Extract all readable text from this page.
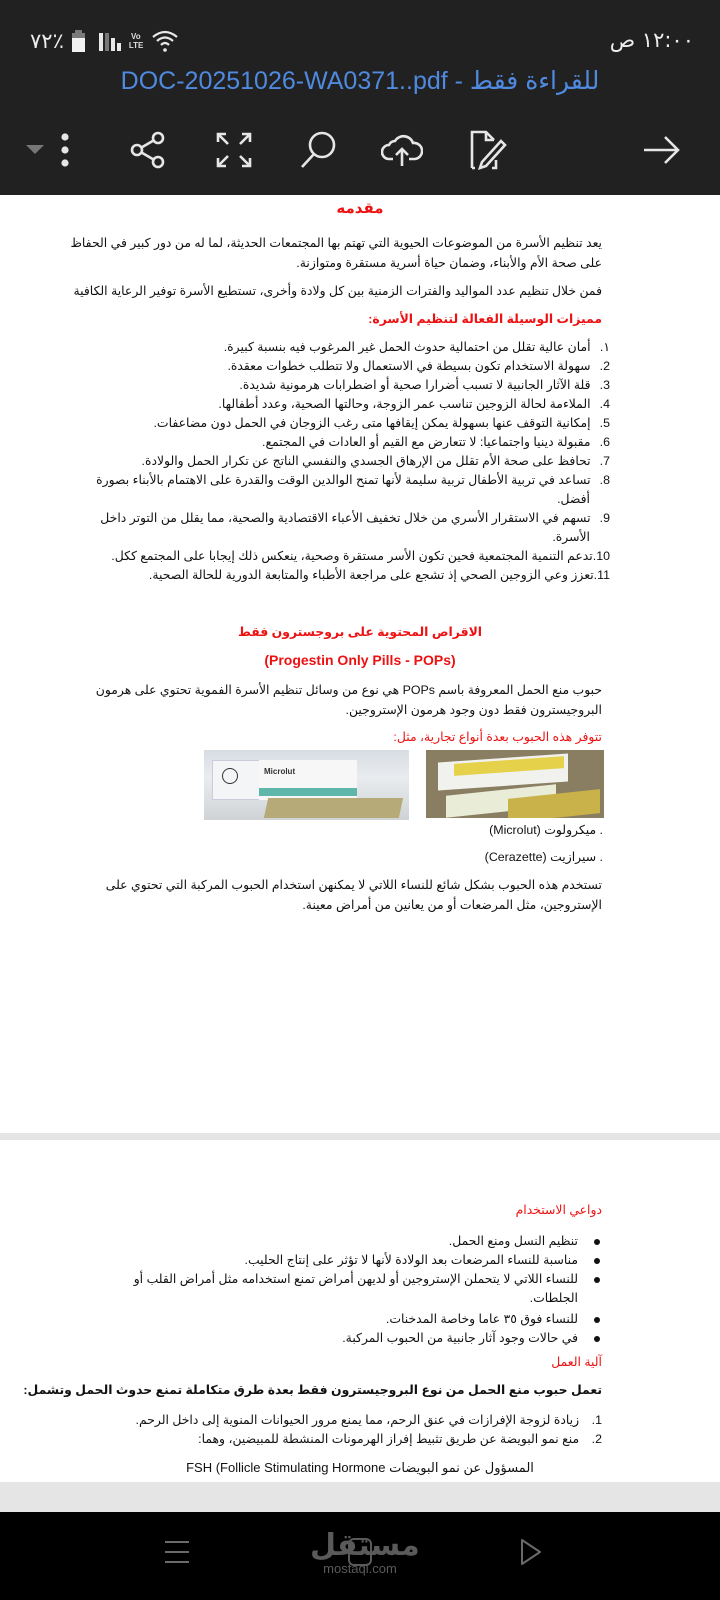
٧٢٪	Vo
LTE	١٢:٠٠ ص
DOC-20251026-WA0371..pdf - للقراءة فقط
مقدمه
يعد تنظيم الأسرة من الموضوعات الحيوية التي تهتم بها المجتمعات الحديثة، لما له من دور كبير في الحفاظ
على صحة الأم والأبناء، وضمان حياة أسرية مستقرة ومتوازنة.
فمن خلال تنظيم عدد المواليد والفترات الزمنية بين كل ولادة وأخرى، تستطيع الأسرة توفير الرعاية الكافية
مميزات الوسيلة الفعالة لتنظيم الأسرة:
١. أمان عالية تقلل من احتمالية حدوث الحمل غير المرغوب فيه بنسبة كبيرة.
2. سهولة الاستخدام تكون بسيطة في الاستعمال ولا تتطلب خطوات معقدة.
3. قلة الآثار الجانبية لا تسبب أضرارا صحية أو اضطرابات هرمونية شديدة.
4. الملاءمة لحالة الزوجين تناسب عمر الزوجة، وحالتها الصحية، وعدد أطفالها.
5. إمكانية التوقف عنها بسهولة يمكن إيقافها متى رغب الزوجان في الحمل دون مضاعفات.
6. مقبولة دينيا واجتماعيا: لا تتعارض مع القيم أو العادات في المجتمع.
7. تحافظ على صحة الأم تقلل من الإرهاق الجسدي والنفسي الناتج عن تكرار الحمل والولادة.
8. تساعد في تربية الأطفال تربية سليمة لأنها تمنح الوالدين الوقت والقدرة على الاهتمام بالأبناء بصورة
أفضل.
9. تسهم في الاستقرار الأسري من خلال تخفيف الأعباء الاقتصادية والصحية، مما يقلل من التوتر داخل
الأسرة.
10.تدعم التنمية المجتمعية فحين تكون الأسر مستقرة وصحية، ينعكس ذلك إيجابا على المجتمع ككل.
11.تعزز وعي الزوجين الصحي إذ تشجع على مراجعة الأطباء والمتابعة الدورية للحالة الصحية.
الاقراص المحتوية على بروجسترون فقط
(Progestin Only Pills - POPs)
حبوب منع الحمل المعروفة باسم POPs هي نوع من وسائل تنظيم الأسرة الفموية تحتوي على هرمون
البروجيسترون فقط دون وجود هرمون الإستروجين.
تتوفر هذه الحبوب بعدة أنواع تجارية، مثل:
Microlut
. ميكرولوت (Microlut)
. سيرازيت (Cerazette)
تستخدم هذه الحبوب بشكل شائع للنساء اللاتي لا يمكنهن استخدام الحبوب المركبة التي تحتوي على
الإستروجين، مثل المرضعات أو من يعانين من أمراض معينة.
دواعي الاستخدام
تنظيم النسل ومنع الحمل.
مناسبة للنساء المرضعات بعد الولادة لأنها لا تؤثر على إنتاج الحليب.
للنساء اللاتي لا يتحملن الإستروجين أو لديهن أمراض تمنع استخدامه مثل أمراض القلب أو
الجلطات.
للنساء فوق ٣٥ عاما وخاصة المدخنات.
في حالات وجود آثار جانبية من الحبوب المركبة.
آلية العمل
تعمل حبوب منع الحمل من نوع البروجيسترون فقط بعدة طرق متكاملة تمنع حدوث الحمل وتشمل:
1.  زيادة لزوجة الإفرازات في عنق الرحم، مما يمنع مرور الحيوانات المنوية إلى داخل الرحم.
2.  منع نمو البويضة عن طريق تثبيط إفراز الهرمونات المنشطة للمبيضين، وهما:
FSH (Follicle Stimulating Hormone المسؤول عن نمو البويضات
مستقل
mostaql.com
